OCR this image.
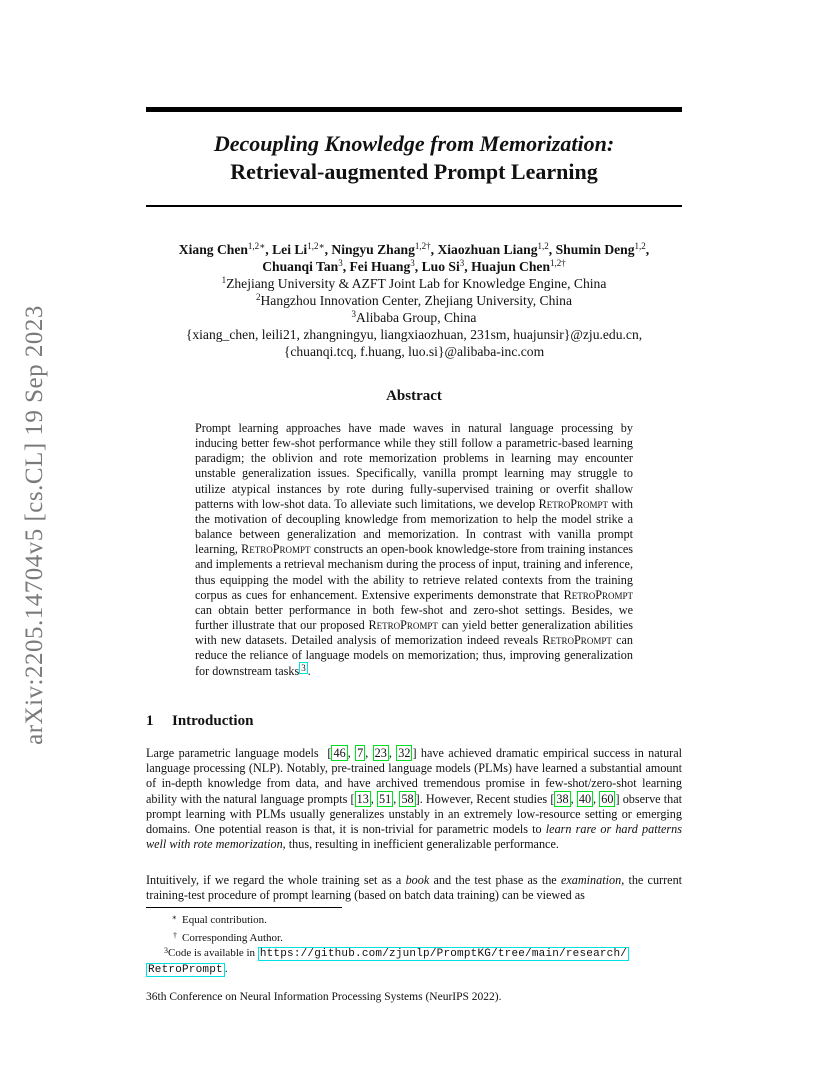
arXiv:2205.14704v5 [cs.CL] 19 Sep 2023
Decoupling Knowledge from Memorization:
Retrieval-augmented Prompt Learning
Xiang Chen$^{1,2∗}$, Lei $Li^{1,2∗}$, Ningyu Zhang$^{1,2\dagger}$, Xiaozhuan Liang$^{1,2}$, Shumin Deng$^{1,2}$,
Chuanqi Tan$^3$, Fei Huang$^3$, Luo Si$^3$, Huajun Chen$^{1,2\dagger}$
$^1$Zhejiang University & AZFT Joint Lab for Knowledge Engine, China
$^2$Hangzhou Innovation Center, Zhejiang University, China
$^3$Alibaba Group, China
{xiang_chen, leili21, zhangningyu, liangxiaozhuan, 231sm, huajunsir}@zju.edu.cn,
{chuanqi.tcq, f.huang, luo.si}@alibaba-inc.com
Abstract
Prompt learning approaches have made waves in natural language processing by inducing better few-shot performance while they still follow a parametric-based learning paradigm; the oblivion and rote memorization problems in learning may encounter unstable generalization issues. Specifically, vanilla prompt learning may struggle to utilize atypical instances by rote during fully-supervised training or overfit shallow patterns with low-shot data. To alleviate such limitations, we develop RetroPrompt with the motivation of decoupling knowledge from memorization to help the model strike a balance between generalization and memorization. In contrast with vanilla prompt learning, RetroPrompt constructs an open-book knowledge-store from training instances and implements a retrieval mechanism during the process of input, training and inference, thus equipping the model with the ability to retrieve related contexts from the training corpus as cues for enhancement. Extensive experiments demonstrate that RetroPrompt can obtain better performance in both few-shot and zero-shot settings. Besides, we further illustrate that our proposed RetroPrompt can yield better generalization abilities with new datasets. Detailed analysis of memorization indeed reveals RetroPrompt can reduce the reliance of language models on memorization; thus, improving generalization for downstream tasks $^3$ .
1 Introduction
Large parametric language models  [ 46 , 7 , 23 , 32 ] have achieved dramatic empirical success in natural language processing (NLP). Notably, pre-trained language models (PLMs) have learned a substantial amount of in-depth knowledge from data, and have archived tremendous promise in few-shot/zero-shot learning ability with the natural language prompts [ 13 , 51 , 58 ]. However, Recent studies [ 38 , 40 , 60 ] observe that prompt learning with PLMs usually generalizes unstably in an extremely low-resource setting or emerging domains. One potential reason is that, it is non-trivial for parametric models to learn rare or hard patterns well with rote memorization, thus, resulting in inefficient generalizable performance.
Intuitively, if we regard the whole training set as a book and the test phase as the examination, the current training-test procedure of prompt learning (based on batch data training) can be viewed as
∗ Equal contribution.
† Corresponding Author.
$^3$Code is available in https://github.com/zjunlp/PromptKG/tree/main/research/
RetroPrompt .
36th Conference on Neural Information Processing Systems (NeurIPS 2022).
